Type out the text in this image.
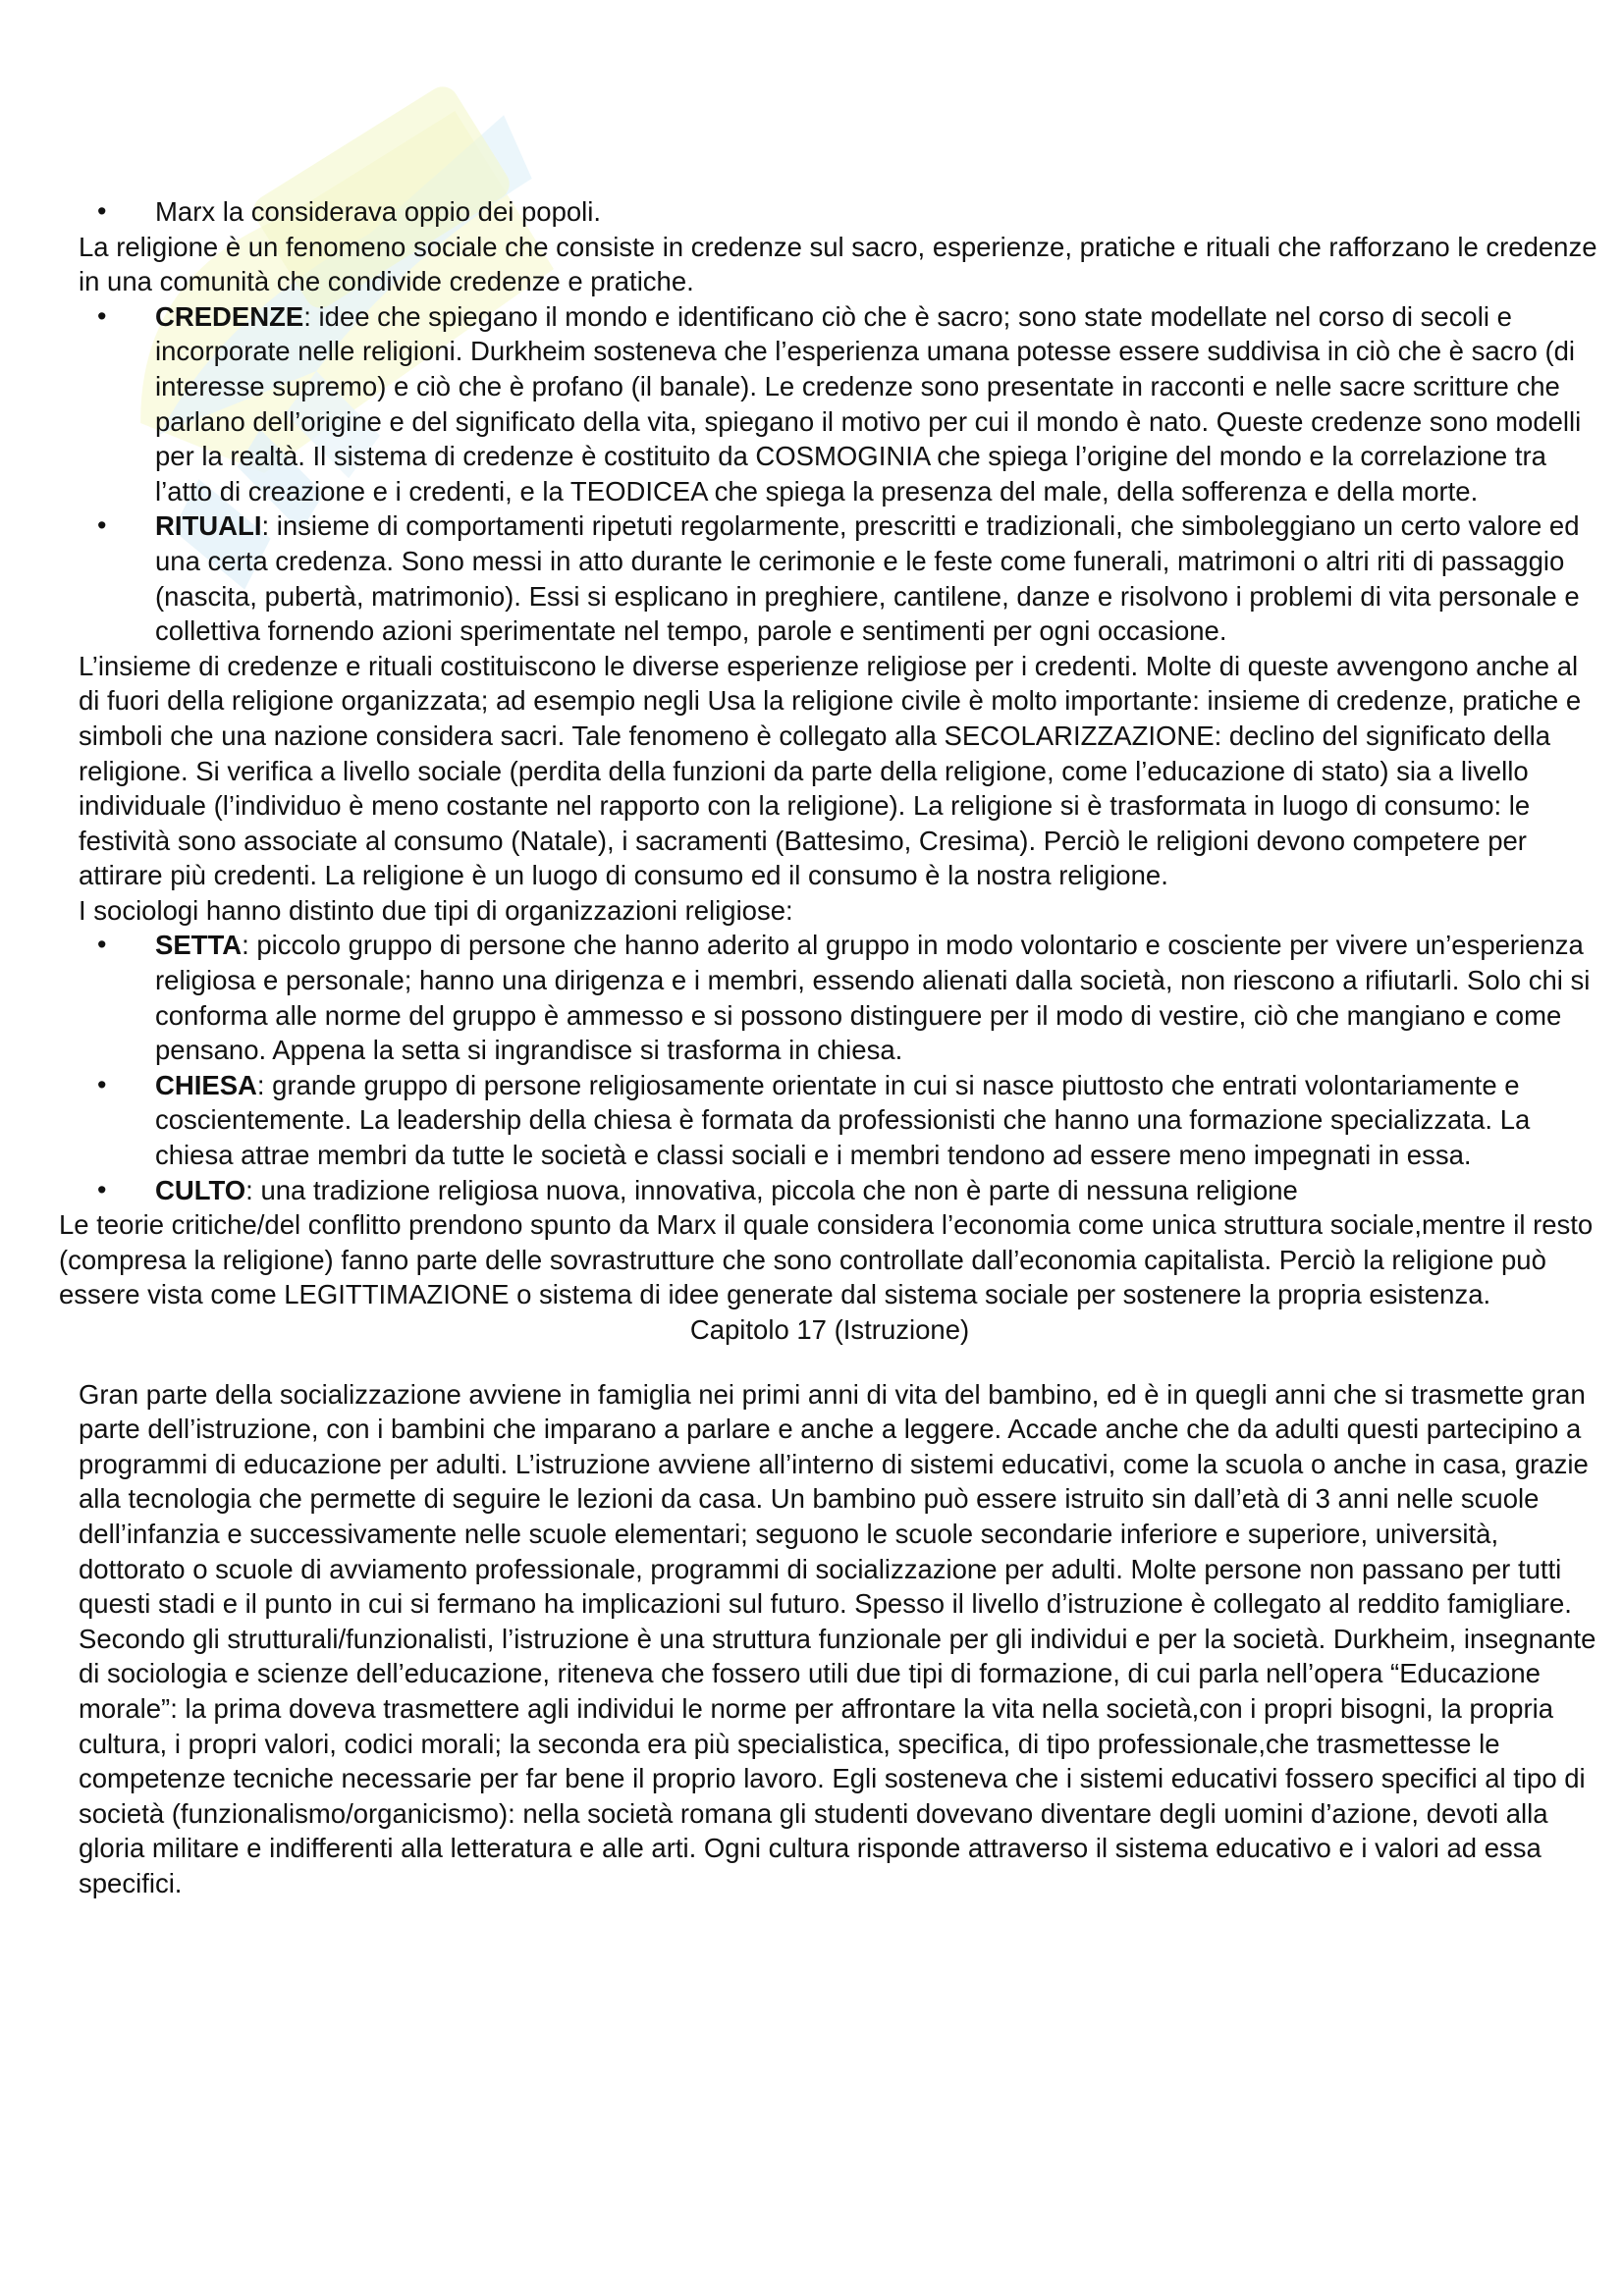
• Marx la considerava oppio dei popoli.

La religione è un fenomeno sociale che consiste in credenze sul sacro, esperienze, pratiche e rituali che rafforzano le credenze in una comunità che condivide credenze e pratiche.

• CREDENZE: idee che spiegano il mondo e identificano ciò che è sacro; sono state modellate nel corso di secoli e incorporate nelle religioni. Durkheim sosteneva che l’esperienza umana potesse essere suddivisa in ciò che è sacro (di interesse supremo) e ciò che è profano (il banale). Le credenze sono presentate in racconti e nelle sacre scritture che parlano dell’origine e del significato della vita, spiegano il motivo per cui il mondo è nato. Queste credenze sono modelli per la realtà. Il sistema di credenze è costituito da COSMOGINIA che spiega l’origine del mondo e la correlazione tra l’atto di creazione e i credenti, e la TEODICEA che spiega la presenza del male, della sofferenza e della morte.
• RITUALI: insieme di comportamenti ripetuti regolarmente, prescritti e tradizionali, che simboleggiano un certo valore ed una certa credenza. Sono messi in atto durante le cerimonie e le feste come funerali, matrimoni o altri riti di passaggio (nascita, pubertà, matrimonio). Essi si esplicano in preghiere, cantilene, danze e risolvono i problemi di vita personale e collettiva fornendo azioni sperimentate nel tempo, parole e sentimenti per ogni occasione.

L’insieme di credenze e rituali costituiscono le diverse esperienze religiose per i credenti. Molte di queste avvengono anche al di fuori della religione organizzata; ad esempio negli Usa la religione civile è molto importante: insieme di credenze, pratiche e simboli che una nazione considera sacri. Tale fenomeno è collegato alla SECOLARIZZAZIONE: declino del significato della religione. Si verifica a livello sociale (perdita della funzioni da parte della religione, come l’educazione di stato) sia a livello individuale (l’individuo è meno costante nel rapporto con la religione). La religione si è trasformata in luogo di consumo: le festività sono associate al consumo (Natale), i sacramenti (Battesimo, Cresima). Perciò le religioni devono competere per attirare più credenti. La religione è un luogo di consumo ed il consumo è la nostra religione.

I sociologi hanno distinto due tipi di organizzazioni religiose:

• SETTA: piccolo gruppo di persone che hanno aderito al gruppo in modo volontario e cosciente per vivere un’esperienza religiosa e personale; hanno una dirigenza e i membri, essendo alienati dalla società, non riescono a rifiutarli. Solo chi si conforma alle norme del gruppo è ammesso e si possono distinguere per il modo di vestire, ciò che mangiano e come pensano. Appena la setta si ingrandisce si trasforma in chiesa.
• CHIESA: grande gruppo di persone religiosamente orientate in cui si nasce piuttosto che entrati volontariamente e coscientemente. La leadership della chiesa è formata da professionisti che hanno una formazione specializzata. La chiesa attrae membri da tutte le società e classi sociali e i membri tendono ad essere meno impegnati in essa.
• CULTO: una tradizione religiosa nuova, innovativa, piccola che non è parte di nessuna religione

Le teorie critiche/del conflitto prendono spunto da Marx il quale considera l’economia come unica struttura sociale,mentre il resto (compresa la religione) fanno parte delle sovrastrutture che sono controllate dall’economia capitalista. Perciò la religione può essere vista come LEGITTIMAZIONE o sistema di idee generate dal sistema sociale per sostenere la propria esistenza.

Capitolo 17 (Istruzione)

Gran parte della socializzazione avviene in famiglia nei primi anni di vita del bambino, ed è in quegli anni che si trasmette gran parte dell’istruzione, con i bambini che imparano a parlare e anche a leggere. Accade anche che da adulti questi partecipino a programmi di educazione per adulti. L’istruzione avviene all’interno di sistemi educativi, come la scuola o anche in casa, grazie alla tecnologia che permette di seguire le lezioni da casa. Un bambino può essere istruito sin dall’età di 3 anni nelle scuole dell’infanzia e successivamente nelle scuole elementari; seguono le scuole secondarie inferiore e superiore, università, dottorato o scuole di avviamento professionale, programmi di socializzazione per adulti. Molte persone non passano per tutti questi stadi e il punto in cui si fermano ha implicazioni sul futuro. Spesso il livello d’istruzione è collegato al reddito famigliare.

Secondo gli strutturali/funzionalisti, l’istruzione è una struttura funzionale per gli individui e per la società. Durkheim, insegnante di sociologia e scienze dell’educazione, riteneva che fossero utili due tipi di formazione, di cui parla nell’opera “Educazione morale”: la prima doveva trasmettere agli individui le norme per affrontare la vita nella società,con i propri bisogni, la propria cultura, i propri valori, codici morali; la seconda era più specialistica, specifica, di tipo professionale,che trasmettesse le competenze tecniche necessarie per far bene il proprio lavoro. Egli sosteneva che i sistemi educativi fossero specifici al tipo di società (funzionalismo/organicismo): nella società romana gli studenti dovevano diventare degli uomini d’azione, devoti alla gloria militare e indifferenti alla letteratura e alle arti. Ogni cultura risponde attraverso il sistema educativo e i valori ad essa specifici.
